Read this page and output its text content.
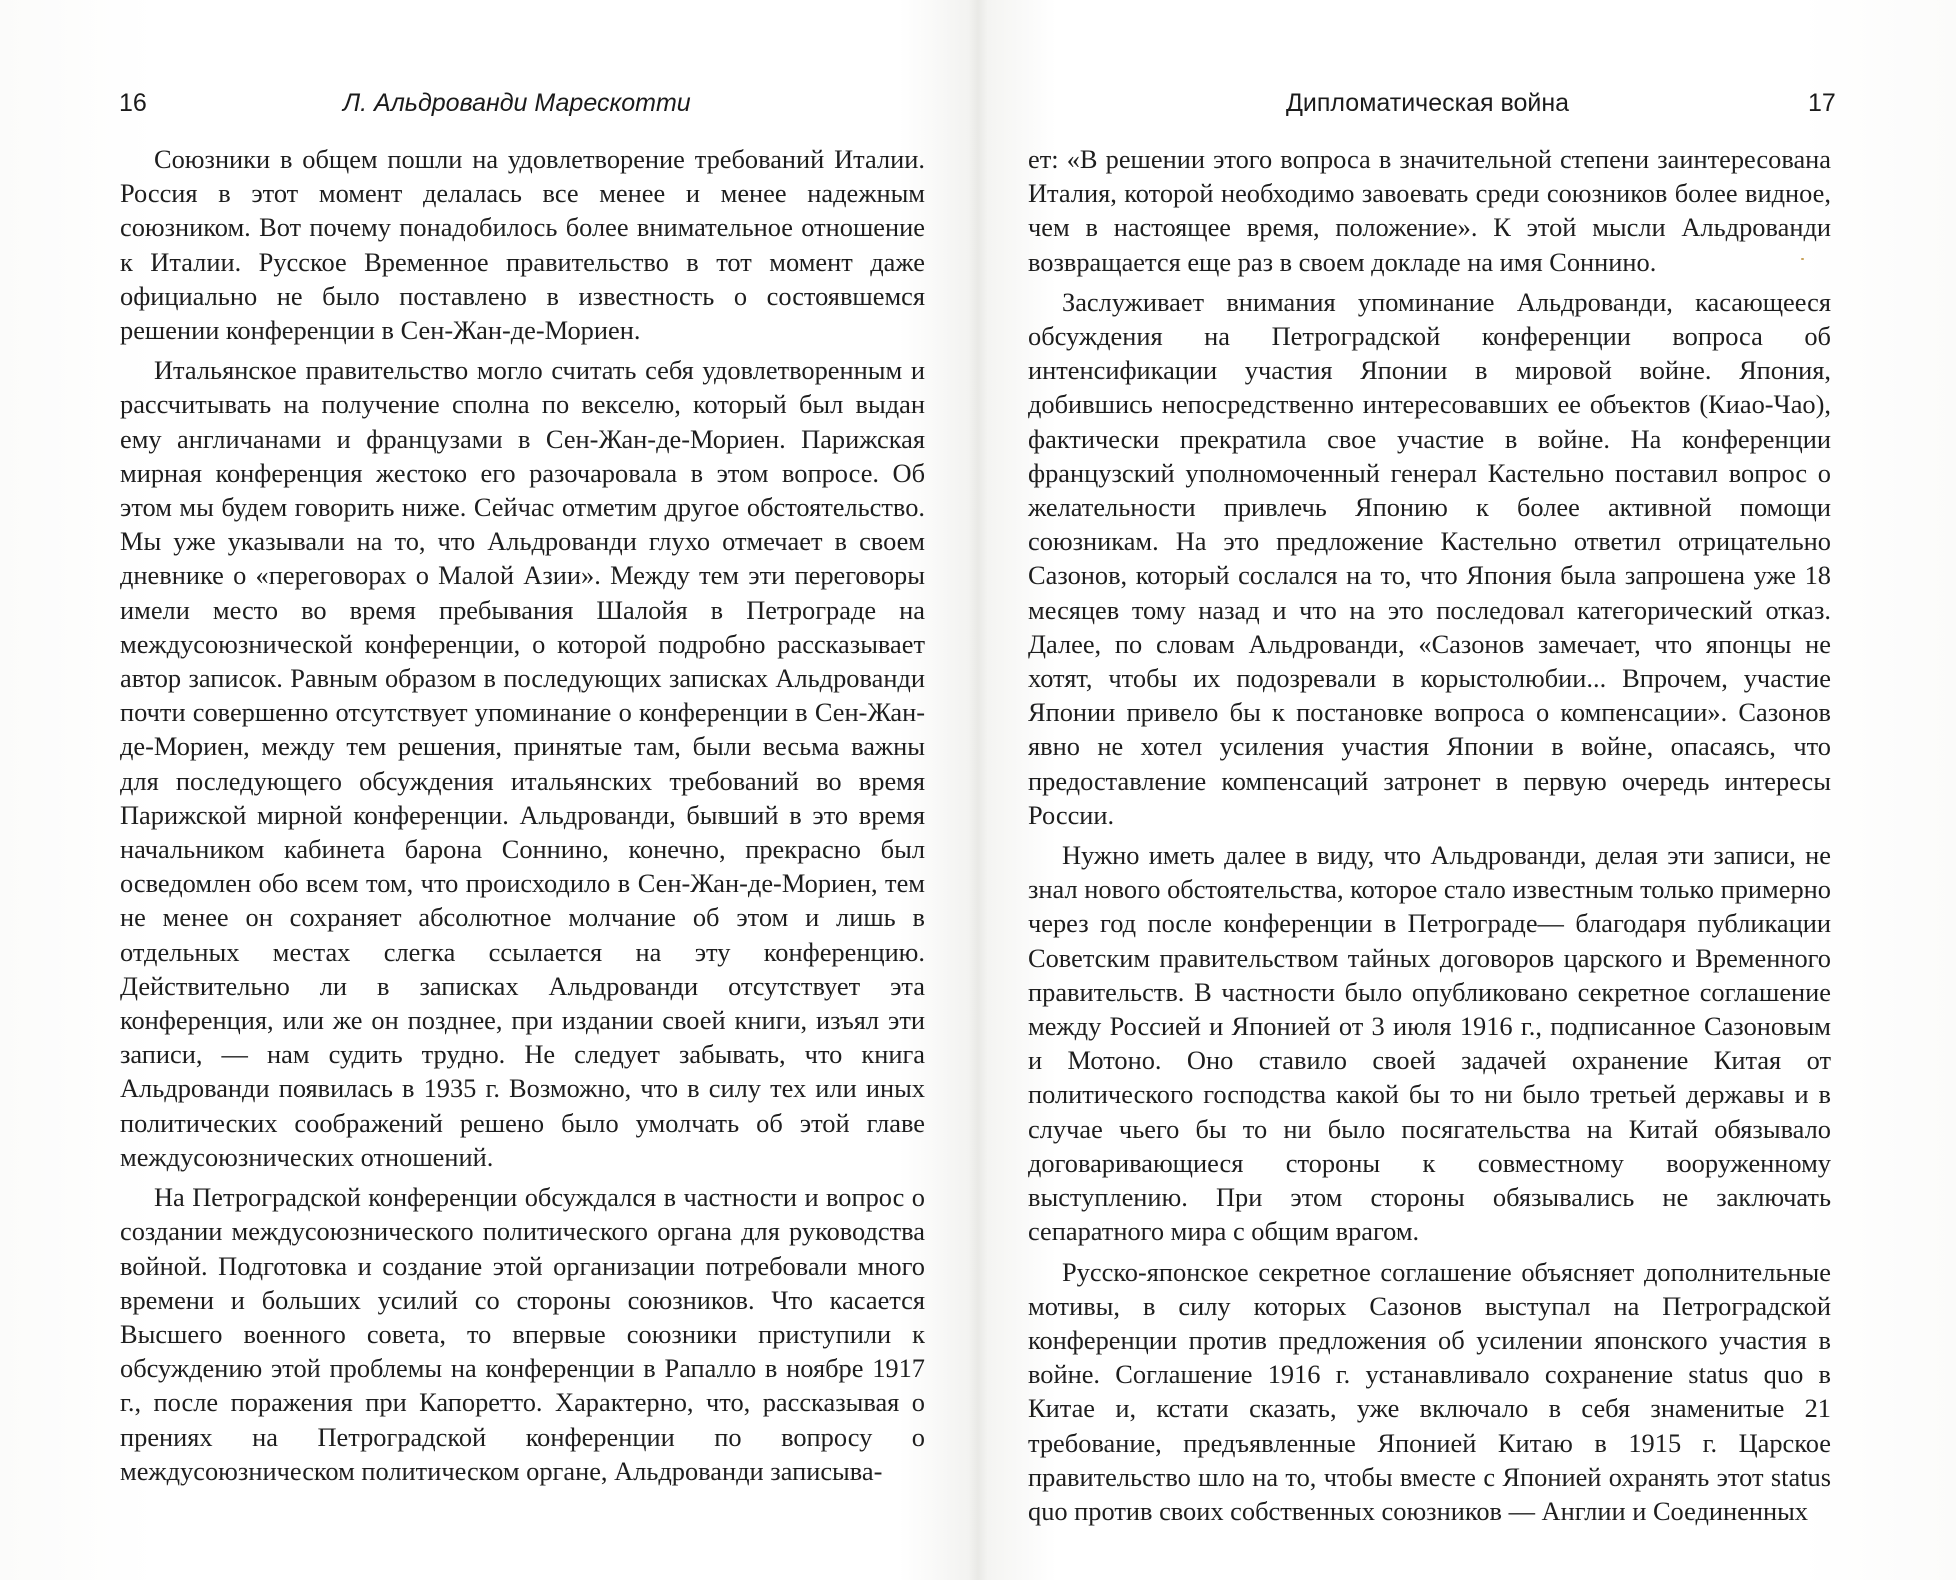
16	Л. Альдрованди Марескотти

Союзники в общем пошли на удовлетворение требований Италии. Россия в этот момент делалась все менее и менее надежным союзником. Вот почему понадобилось более внимательное отношение к Италии. Русское Временное правительство в тот момент даже официально не было поставлено в известность о состоявшемся решении конференции в Сен-Жан-де-Мориен.

Итальянское правительство могло считать себя удовлетворенным и рассчитывать на получение сполна по векселю, который был выдан ему англичанами и французами в Сен-Жан-де-Мориен. Парижская мирная конференция жестоко его разочаровала в этом вопросе. Об этом мы будем говорить ниже. Сейчас отметим другое обстоятельство. Мы уже указывали на то, что Альдрованди глухо отмечает в своем дневнике о «переговорах о Малой Азии». Между тем эти переговоры имели место во время пребывания Шалойя в Петрограде на междусоюзнической конференции, о которой подробно рассказывает автор записок. Равным образом в последующих записках Альдрованди почти совершенно отсутствует упоминание о конференции в Сен-Жан-де-Мориен, между тем решения, принятые там, были весьма важны для последующего обсуждения итальянских требований во время Парижской мирной конференции. Альдрованди, бывший в это время начальником кабинета барона Соннино, конечно, прекрасно был осведомлен обо всем том, что происходило в Сен-Жан-де-Мориен, тем не менее он сохраняет абсолютное молчание об этом и лишь в отдельных местах слегка ссылается на эту конференцию. Действительно ли в записках Альдрованди отсутствует эта конференция, или же он позднее, при издании своей книги, изъял эти записи, — нам судить трудно. Не следует забывать, что книга Альдрованди появилась в 1935 г. Возможно, что в силу тех или иных политических соображений решено было умолчать об этой главе междусоюзнических отношений.

На Петроградской конференции обсуждался в частности и вопрос о создании междусоюзнического политического органа для руководства войной. Подготовка и создание этой организации потребовали много времени и больших усилий со стороны союзников. Что касается Высшего военного совета, то впервые союзники приступили к обсуждению этой проблемы на конференции в Рапалло в ноябре 1917 г., после поражения при Капоретто. Характерно, что, рассказывая о прениях на Петроградской конференции по вопросу о междусоюзническом политическом органе, Альдрованди записыва-

Дипломатическая война	17

ет: «В решении этого вопроса в значительной степени заинтересована Италия, которой необходимо завоевать среди союзников более видное, чем в настоящее время, положение». К этой мысли Альдрованди возвращается еще раз в своем докладе на имя Соннино.

Заслуживает внимания упоминание Альдрованди, касающееся обсуждения на Петроградской конференции вопроса об интенсификации участия Японии в мировой войне. Япония, добившись непосредственно интересовавших ее объектов (Киао-Чао), фактически прекратила свое участие в войне. На конференции французский уполномоченный генерал Кастельно поставил вопрос о желательности привлечь Японию к более активной помощи союзникам. На это предложение Кастельно ответил отрицательно Сазонов, который сослался на то, что Япония была запрошена уже 18 месяцев тому назад и что на это последовал категорический отказ. Далее, по словам Альдрованди, «Сазонов замечает, что японцы не хотят, чтобы их подозревали в корыстолюбии... Впрочем, участие Японии привело бы к постановке вопроса о компенсации». Сазонов явно не хотел усиления участия Японии в войне, опасаясь, что предоставление компенсаций затронет в первую очередь интересы России.

Нужно иметь далее в виду, что Альдрованди, делая эти записи, не знал нового обстоятельства, которое стало известным только примерно через год после конференции в Петрограде— благодаря публикации Советским правительством тайных договоров царского и Временного правительств. В частности было опубликовано секретное соглашение между Россией и Японией от 3 июля 1916 г., подписанное Сазоновым и Мотоно. Оно ставило своей задачей охранение Китая от политического господства какой бы то ни было третьей державы и в случае чьего бы то ни было посягательства на Китай обязывало договаривающиеся стороны к совместному вооруженному выступлению. При этом стороны обязывались не заключать сепаратного мира с общим врагом.

Русско-японское секретное соглашение объясняет дополнительные мотивы, в силу которых Сазонов выступал на Петроградской конференции против предложения об усилении японского участия в войне. Соглашение 1916 г. устанавливало сохранение status quo в Китае и, кстати сказать, уже включало в себя знаменитые 21 требование, предъявленные Японией Китаю в 1915 г. Царское правительство шло на то, чтобы вместе с Японией охранять этот status quo против своих собственных союзников — Англии и Соединенных
